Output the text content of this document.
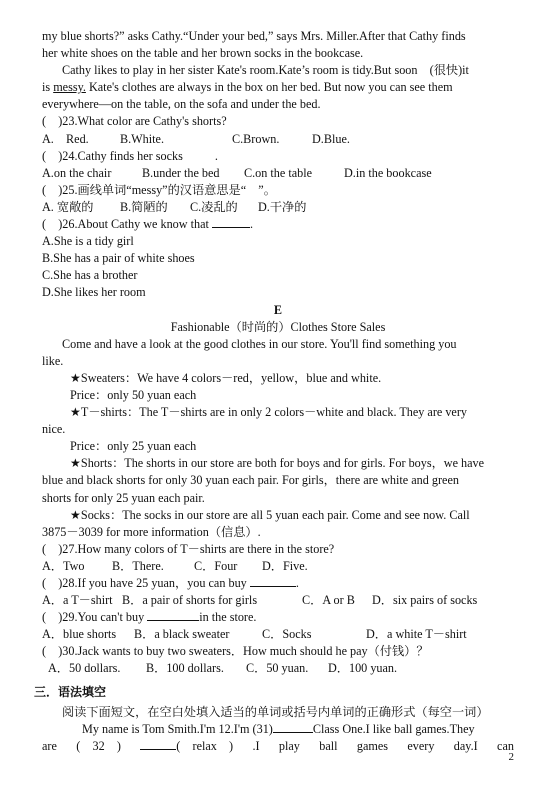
my blue shorts?” asks Cathy.“Under your bed,” says Mrs. Miller.After that Cathy finds

her white shoes on the table and her brown socks in the bookcase.

Cathy likes to play in her sister Kate's room.Kate’s room is tidy.But soon　(很快)it

is messy. Kate's clothes are always in the box on her bed. But now you can see them

everywhere—on the table, on the sofa and under the bed.

(　)23.What color are Cathy's shorts?

A.　Red.	B.White.	C.Brown.	D.Blue.

(　)24.Cathy finds her socks	.

A.on the chair	B.under the bed	C.on the table	D.in the bookcase

(　)25.画线单词“messy”的汉语意思是“　”。

A. 宽敞的	B.简陋的	C.凌乱的	D.干净的

(　)26.About Cathy we know that	.

A.She is a tidy girl

B.She has a pair of white shoes

C.She has a brother

D.She likes her room

E

Fashionable（时尚的）Clothes Store Sales

Come and have a look at the good clothes in our store. You'll find something you

like.

★Sweaters：We have 4 colors－red，yellow，blue and white.

Price：only 50 yuan each

★T－shirts：The T－shirts are in only 2 colors－white and black. They are very

nice.

Price：only 25 yuan each

★Shorts：The shorts in our store are both for boys and for girls. For boys，we have

blue and black shorts for only 30 yuan each pair. For girls，there are white and green

shorts for only 25 yuan each pair.

★Socks：The socks in our store are all 5 yuan each pair. Come and see now. Call

3875－3039 for more information（信息）.

(　)27.How many colors of T－shirts are there in the store?

A．Two	B．There.	C．Four	D．Five.

(　)28.If you have 25 yuan，you can buy	.

A．a T－shirt B．a pair of shorts for girls	C．A or B	D．six pairs of socks

(　)29.You can't buy	in the store.

A．blue shorts	B．a black sweater	C．Socks	D．a white T－shirt

(　)30.Jack wants to buy two sweaters．How much should he pay（付钱）？

A．50 dollars.	B．100 dollars.	C．50 yuan.	D．100 yuan.

三．语法填空

阅读下面短文，在空白处填入适当的单词或括号内单词的正确形式（每空一词）

My name is Tom Smith.I'm 12.I'm (31)	Class One.I like ball games.They

are (　32　)	(　relax　) .I play ball games every day.I can
2
